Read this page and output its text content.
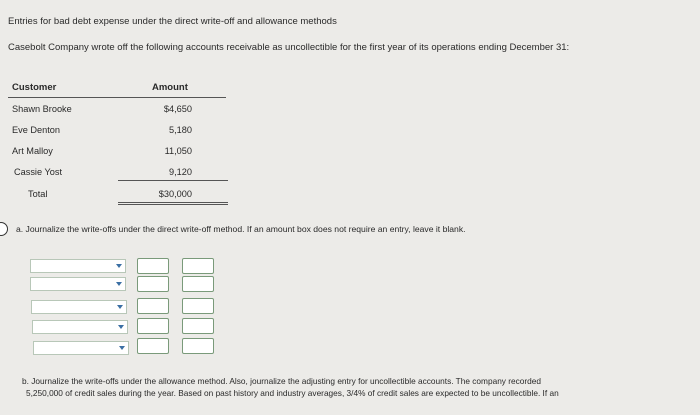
Entries for bad debt expense under the direct write-off and allowance methods
Casebolt Company wrote off the following accounts receivable as uncollectible for the first year of its operations ending December 31:
Customer	Amount
Shawn Brooke	$4,650
Eve Denton	5,180
Art Malloy	11,050
Cassie Yost	9,120
Total	$30,000
a. Journalize the write-offs under the direct write-off method. If an amount box does not require an entry, leave it blank.
b. Journalize the write-offs under the allowance method. Also, journalize the adjusting entry for uncollectible accounts. The company recorded
5,250,000 of credit sales during the year. Based on past history and industry averages, 3/4% of credit sales are expected to be uncollectible. If an
